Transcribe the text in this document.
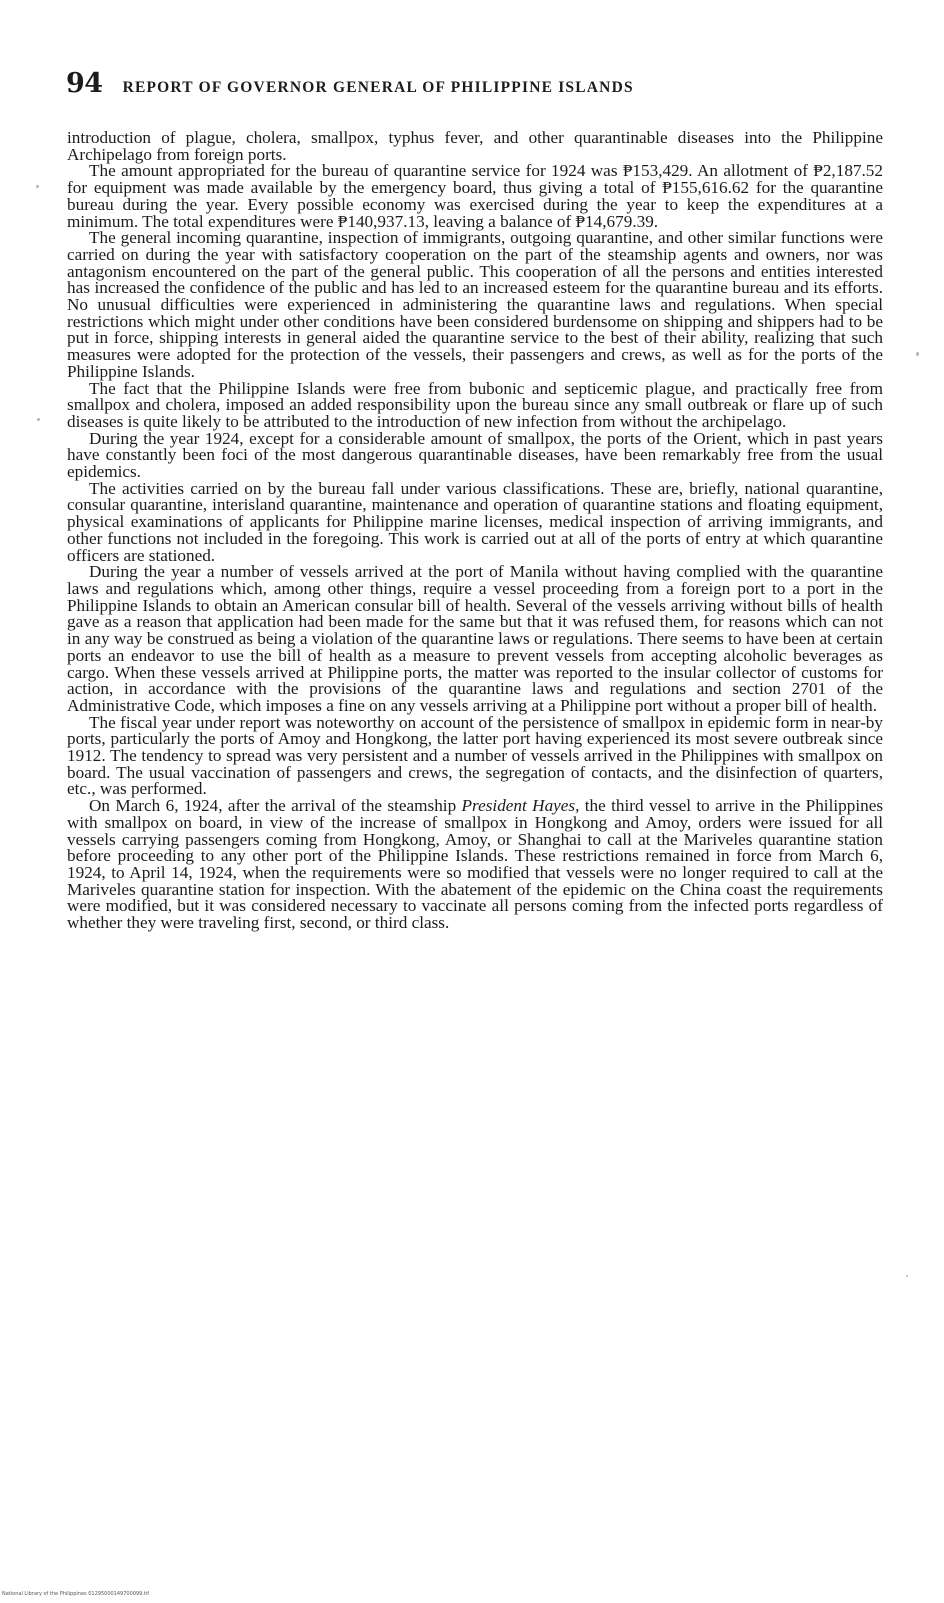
94 REPORT OF GOVERNOR GENERAL OF PHILIPPINE ISLANDS

introduction of plague, cholera, smallpox, typhus fever, and other quarantinable diseases into the Philippine Archipelago from foreign ports.

The amount appropriated for the bureau of quarantine service for 1924 was ₱153,429. An allotment of ₱2,187.52 for equipment was made available by the emergency board, thus giving a total of ₱155,616.62 for the quarantine bureau during the year. Every possible economy was exercised during the year to keep the expenditures at a minimum. The total expenditures were ₱140,937.13, leaving a balance of ₱14,679.39.

The general incoming quarantine, inspection of immigrants, outgoing quarantine, and other similar functions were carried on during the year with satisfactory cooperation on the part of the steamship agents and owners, nor was antagonism encountered on the part of the general public. This cooperation of all the persons and entities interested has increased the confidence of the public and has led to an increased esteem for the quarantine bureau and its efforts. No unusual difficulties were experienced in administering the quarantine laws and regulations. When special restrictions which might under other conditions have been considered burdensome on shipping and shippers had to be put in force, shipping interests in general aided the quarantine service to the best of their ability, realizing that such measures were adopted for the protection of the vessels, their passengers and crews, as well as for the ports of the Philippine Islands.

The fact that the Philippine Islands were free from bubonic and septicemic plague, and practically free from smallpox and cholera, imposed an added responsibility upon the bureau since any small outbreak or flare up of such diseases is quite likely to be attributed to the introduction of new infection from without the archipelago.

During the year 1924, except for a considerable amount of smallpox, the ports of the Orient, which in past years have constantly been foci of the most dangerous quarantinable diseases, have been remarkably free from the usual epidemics.

The activities carried on by the bureau fall under various classifications. These are, briefly, national quarantine, consular quarantine, interisland quarantine, maintenance and operation of quarantine stations and floating equipment, physical examinations of applicants for Philippine marine licenses, medical inspection of arriving immigrants, and other functions not included in the foregoing. This work is carried out at all of the ports of entry at which quarantine officers are stationed.

During the year a number of vessels arrived at the port of Manila without having complied with the quarantine laws and regulations which, among other things, require a vessel proceeding from a foreign port to a port in the Philippine Islands to obtain an American consular bill of health. Several of the vessels arriving without bills of health gave as a reason that application had been made for the same but that it was refused them, for reasons which can not in any way be construed as being a violation of the quarantine laws or regulations. There seems to have been at certain ports an endeavor to use the bill of health as a measure to prevent vessels from accepting alcoholic beverages as cargo. When these vessels arrived at Philippine ports, the matter was reported to the insular collector of customs for action, in accordance with the provisions of the quarantine laws and regulations and section 2701 of the Administrative Code, which imposes a fine on any vessels arriving at a Philippine port without a proper bill of health.

The fiscal year under report was noteworthy on account of the persistence of smallpox in epidemic form in near-by ports, particularly the ports of Amoy and Hongkong, the latter port having experienced its most severe outbreak since 1912. The tendency to spread was very persistent and a number of vessels arrived in the Philippines with smallpox on board. The usual vaccination of passengers and crews, the segregation of contacts, and the disinfection of quarters, etc., was performed.

On March 6, 1924, after the arrival of the steamship President Hayes, the third vessel to arrive in the Philippines with smallpox on board, in view of the increase of smallpox in Hongkong and Amoy, orders were issued for all vessels carrying passengers coming from Hongkong, Amoy, or Shanghai to call at the Mariveles quarantine station before proceeding to any other port of the Philippine Islands. These restrictions remained in force from March 6, 1924, to April 14, 1924, when the requirements were so modified that vessels were no longer required to call at the Mariveles quarantine station for inspection. With the abatement of the epidemic on the China coast the requirements were modified, but it was considered necessary to vaccinate all persons coming from the infected ports regardless of whether they were traveling first, second, or third class.

National Library of the Philippines 01295000149700099.tif
